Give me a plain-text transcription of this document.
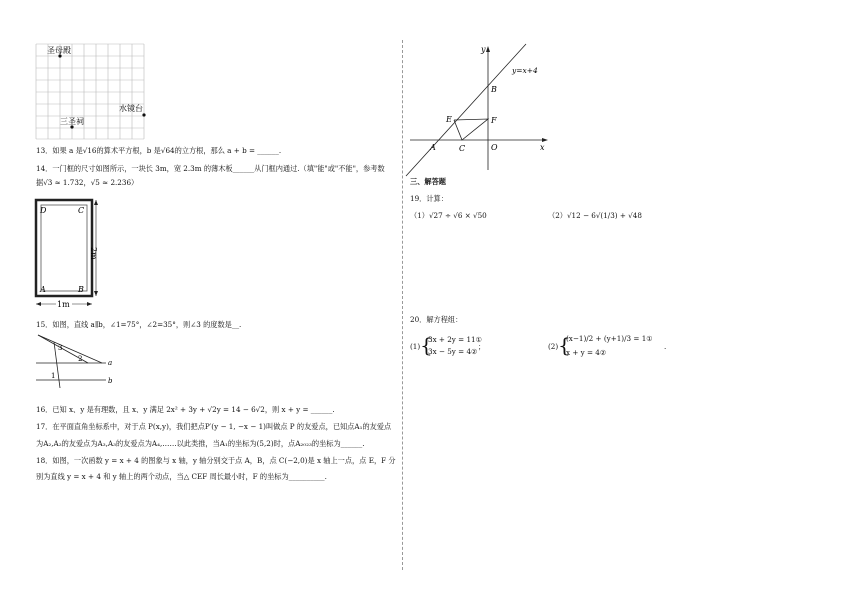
圣母殿
水镜台
三圣祠
13．如果 a 是√16的算术平方根，b 是√64的立方根，那么 a + b = ______.
14．一门框的尺寸如图所示，一块长 3m，宽 2.3m 的薄木板______从门框内通过.（填"能"或"不能"，参考数
据√3 ≈ 1.732，√5 ≈ 2.236）
D	C
A	B
2m
1m
15．如图，直线 a∥b，∠1=75°，∠2=35°，则∠3 的度数是__.
3
2
1
a
b
16．已知 x、y 是有理数，且 x、y 满足 2x² + 3y + √2y = 14 − 6√2，则 x + y = ______.
17．在平面直角坐标系中，对于点 P(x,y)，我们把点P′(y − 1, −x − 1)叫做点 P 的友爱点，已知点A₁的友爱点
为A₂,A₂的友爱点为A₃,A₃的友爱点为A₄,……以此类推，当A₁的坐标为(5,2)时，点A₂₀₂₃的坐标为______.
18．如图，一次函数 y = x + 4 的图象与 x 轴，y 轴分别交于点 A，B，点 C(−2,0)是 x 轴上一点，点 E，F 分
别为直线 y = x + 4 和 y 轴上的两个动点，当△ CEF 周长最小时，F 的坐标为__________.
y
x
y=x+4
B
E	F
A	C	O
三、解答题
19．计算：
（1）√27 ÷ √6 × √50	（2）√12 − 6√(1/3) + √48
20．解方程组：
(1) {
3x + 2y = 11①
3x − 5y = 4②
；	(2) {
(x−1)/2 + (y+1)/3 = 1①
x + y = 4②
.
